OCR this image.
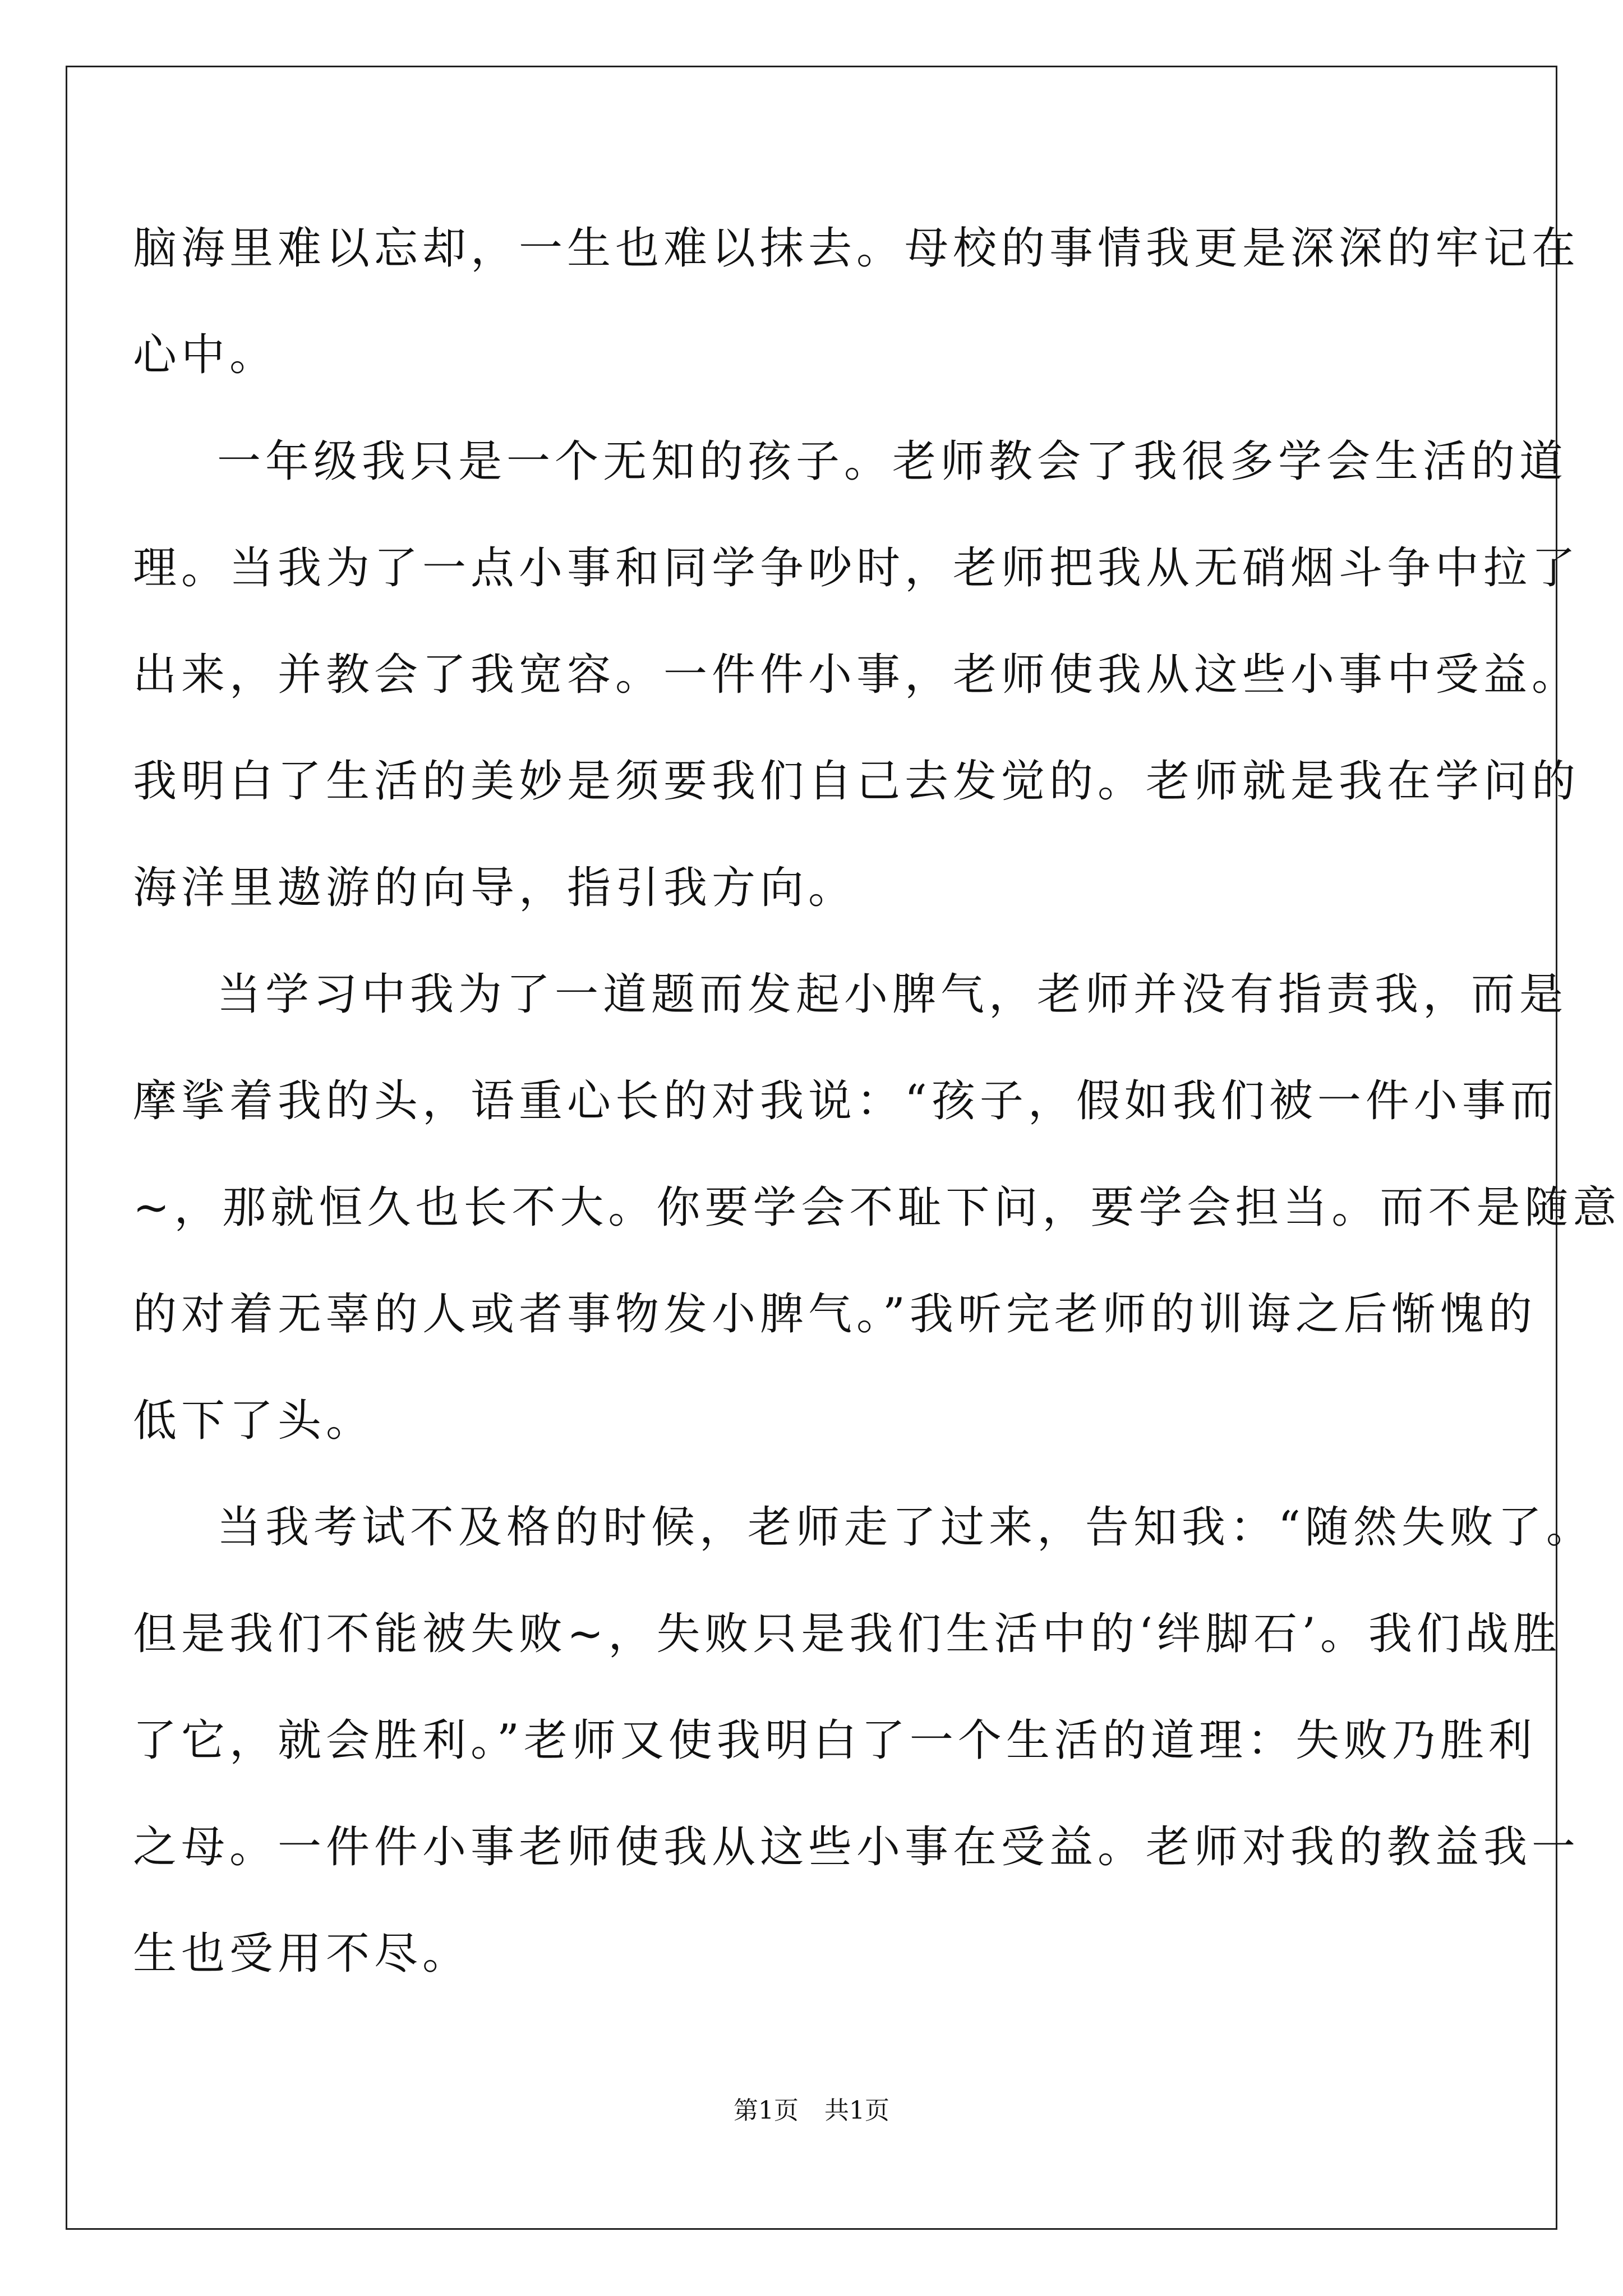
脑海里难以忘却，一生也难以抹去。母校的事情我更是深深的牢记在
心中。
一年级我只是一个无知的孩子。老师教会了我很多学会生活的道
理。当我为了一点小事和同学争吵时，老师把我从无硝烟斗争中拉了
出来，并教会了我宽容。一件件小事，老师使我从这些小事中受益。
我明白了生活的美妙是须要我们自己去发觉的。老师就是我在学问的
海洋里遨游的向导，指引我方向。
当学习中我为了一道题而发起小脾气，老师并没有指责我，而是
摩挲着我的头，语重心长的对我说：“孩子，假如我们被一件小事而
~，那就恒久也长不大。你要学会不耻下问，要学会担当。而不是随意
的对着无辜的人或者事物发小脾气。”我听完老师的训诲之后惭愧的
低下了头。
当我考试不及格的时候，老师走了过来，告知我：“随然失败了。
但是我们不能被失败~，失败只是我们生活中的‘绊脚石’。我们战胜
了它，就会胜利。”老师又使我明白了一个生活的道理：失败乃胜利
之母。一件件小事老师使我从这些小事在受益。老师对我的教益我一
生也受用不尽。
第1页 共1页
